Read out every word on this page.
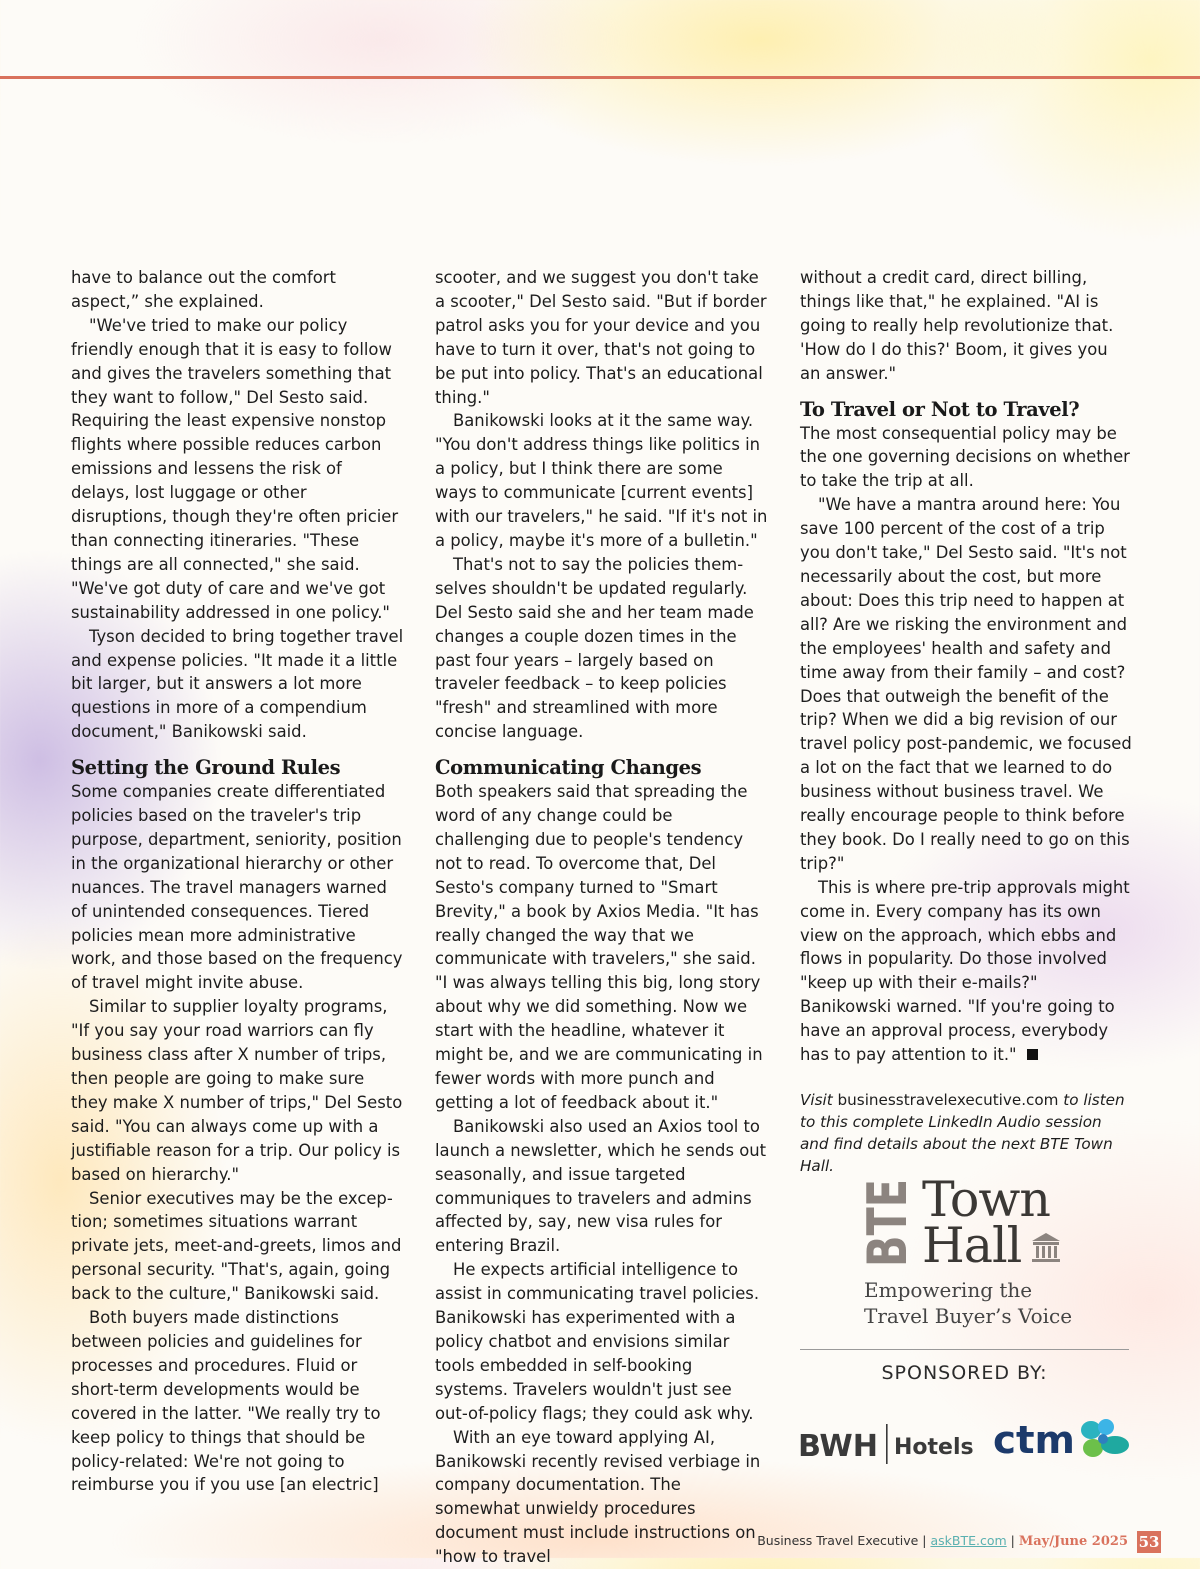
have to balance out the comfort aspect,” she explained.

"We've tried to make our policy friendly enough that it is easy to follow and gives the travelers something that they want to follow," Del Sesto said. Requiring the least expensive nonstop flights where possible reduces carbon emissions and lessens the risk of delays, lost luggage or other disruptions, though they're often pricier than connecting itineraries. "These things are all connected," she said. "We've got duty of care and we've got sustainability addressed in one policy."

Tyson decided to bring together travel and expense policies. "It made it a little bit larger, but it answers a lot more questions in more of a compendium document," Banikowski said.

Setting the Ground Rules

Some companies create differentiated policies based on the traveler's trip purpose, department, seniority, position in the organizational hierarchy or other nuances. The travel managers warned of unintended consequences. Tiered policies mean more administrative work, and those based on the frequency of travel might invite abuse.

Similar to supplier loyalty programs, "If you say your road warriors can fly business class after X number of trips, then people are going to make sure they make X number of trips," Del Sesto said. "You can always come up with a justifiable reason for a trip. Our policy is based on hierarchy."

Senior executives may be the exception; sometimes situations warrant private jets, meet-and-greets, limos and personal security. "That's, again, going back to the culture," Banikowski said.

Both buyers made distinctions between policies and guidelines for processes and procedures. Fluid or short-term developments would be covered in the latter. "We really try to keep policy to things that should be policy-related: We're not going to reimburse you if you use [an electric]

scooter, and we suggest you don't take a scooter," Del Sesto said. "But if border patrol asks you for your device and you have to turn it over, that's not going to be put into policy. That's an educational thing."

Banikowski looks at it the same way. "You don't address things like politics in a policy, but I think there are some ways to communicate [current events] with our travelers," he said. "If it's not in a policy, maybe it's more of a bulletin."

That's not to say the policies themselves shouldn't be updated regularly. Del Sesto said she and her team made changes a couple dozen times in the past four years – largely based on traveler feedback – to keep policies "fresh" and streamlined with more concise language.

Communicating Changes

Both speakers said that spreading the word of any change could be challenging due to people's tendency not to read. To overcome that, Del Sesto's company turned to "Smart Brevity," a book by Axios Media. "It has really changed the way that we communicate with travelers," she said. "I was always telling this big, long story about why we did something. Now we start with the headline, whatever it might be, and we are communicating in fewer words with more punch and getting a lot of feedback about it."

Banikowski also used an Axios tool to launch a newsletter, which he sends out seasonally, and issue targeted communiques to travelers and admins affected by, say, new visa rules for entering Brazil.

He expects artificial intelligence to assist in communicating travel policies. Banikowski has experimented with a policy chatbot and envisions similar tools embedded in self-booking systems. Travelers wouldn't just see out-of-policy flags; they could ask why.

With an eye toward applying AI, Banikowski recently revised verbiage in company documentation. The somewhat unwieldy procedures document must include instructions on "how to travel

without a credit card, direct billing, things like that," he explained. "AI is going to really help revolutionize that. 'How do I do this?' Boom, it gives you an answer."

To Travel or Not to Travel?

The most consequential policy may be the one governing decisions on whether to take the trip at all.

"We have a mantra around here: You save 100 percent of the cost of a trip you don't take," Del Sesto said. "It's not necessarily about the cost, but more about: Does this trip need to happen at all? Are we risking the environment and the employees' health and safety and time away from their family – and cost? Does that outweigh the benefit of the trip? When we did a big revision of our travel policy post-pandemic, we focused a lot on the fact that we learned to do business without business travel. We really encourage people to think before they book. Do I really need to go on this trip?"

This is where pre-trip approvals might come in. Every company has its own view on the approach, which ebbs and flows in popularity. Do those involved "keep up with their e-mails?" Banikowski warned. "If you're going to have an approval process, everybody has to pay attention to it."

Visit businesstravelexecutive.com to listen to this complete LinkedIn Audio session and find details about the next BTE Town Hall. BTE Town
Hall
Empowering the
Travel Buyer’s Voice
SPONSORED BY:
BWH Hotels ctm
Business Travel Executive | askBTE.com | May/June 2025 53
